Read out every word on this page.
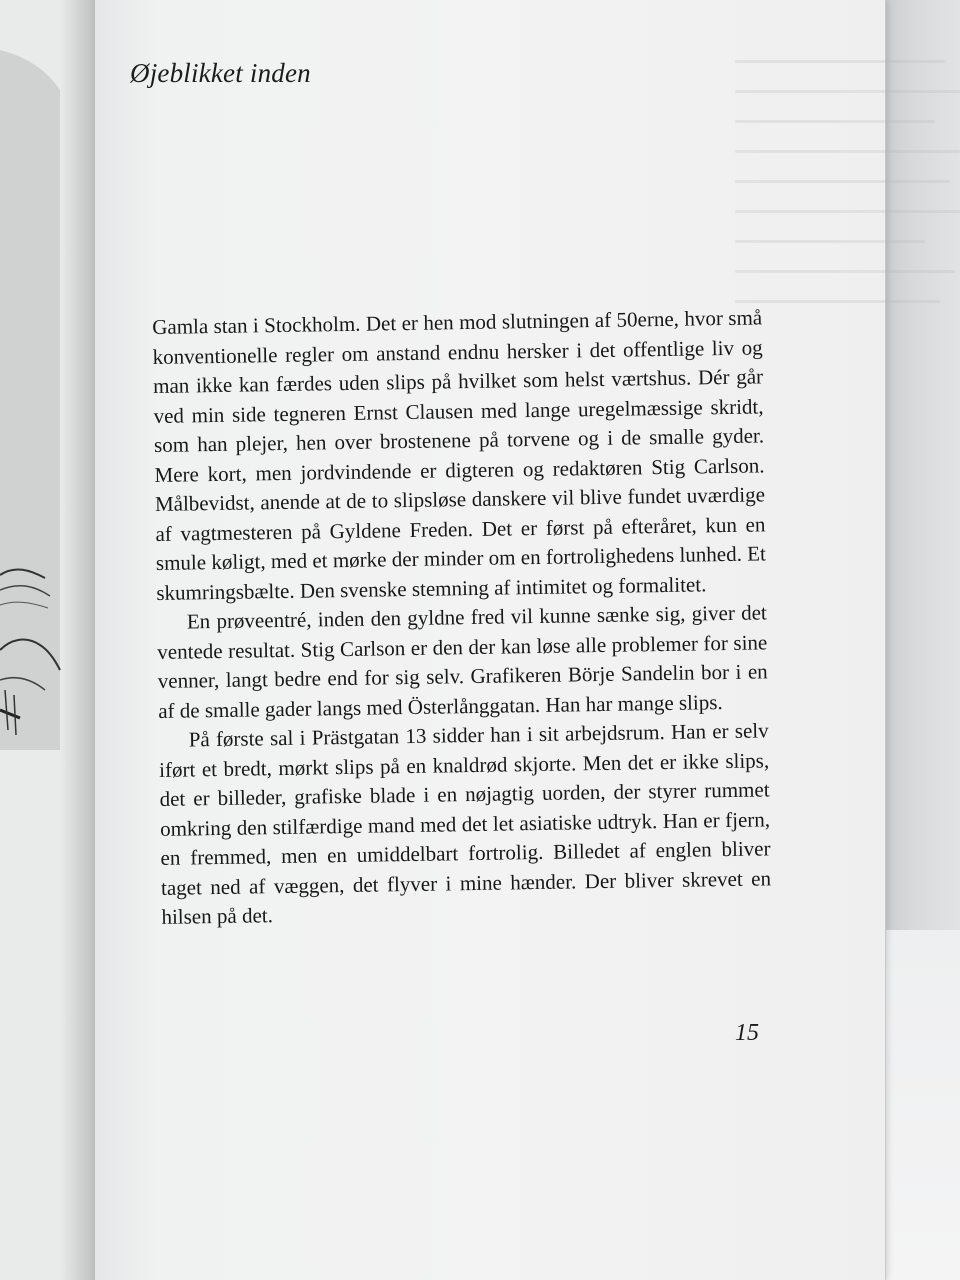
Øjeblikket inden

Gamla stan i Stockholm. Det er hen mod slutningen af 50erne, hvor små konventionelle regler om anstand endnu hersker i det offentlige liv og man ikke kan færdes uden slips på hvilket som helst værtshus. Dér går ved min side tegneren Ernst Clausen med lange uregelmæssige skridt, som han plejer, hen over brostenene på torvene og i de smalle gyder. Mere kort, men jordvindende er digteren og redaktøren Stig Carlson. Målbevidst, anende at de to slipsløse danskere vil blive fundet uværdige af vagtmesteren på Gyldene Freden. Det er først på efteråret, kun en smule køligt, med et mørke der minder om en fortrolighedens lunhed. Et skumringsbælte. Den svenske stemning af intimitet og formalitet.

En prøveentré, inden den gyldne fred vil kunne sænke sig, giver det ventede resultat. Stig Carlson er den der kan løse alle problemer for sine venner, langt bedre end for sig selv. Grafikeren Börje Sandelin bor i en af de smalle gader langs med Österlånggatan. Han har mange slips.

På første sal i Prästgatan 13 sidder han i sit arbejdsrum. Han er selv iført et bredt, mørkt slips på en knaldrød skjorte. Men det er ikke slips, det er billeder, grafiske blade i en nøjagtig uorden, der styrer rummet omkring den stilfærdige mand med det let asiatiske udtryk. Han er fjern, en fremmed, men en umiddelbart fortrolig. Billedet af englen bliver taget ned af væggen, det flyver i mine hænder. Der bliver skrevet en hilsen på det.

15
